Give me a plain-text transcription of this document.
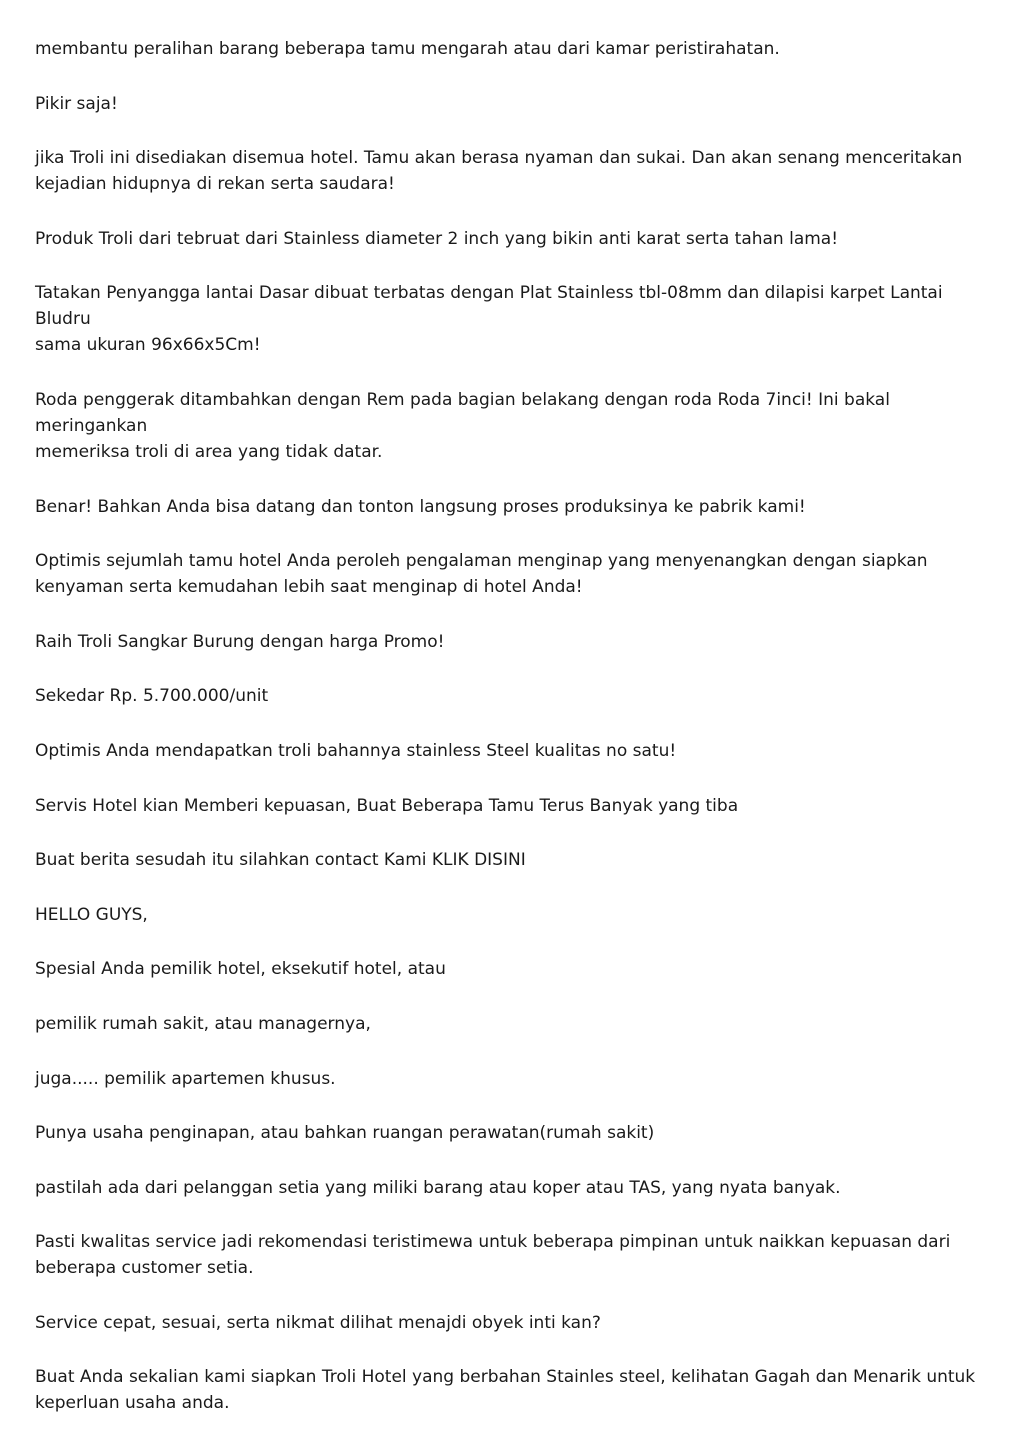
membantu peralihan barang beberapa tamu mengarah atau dari kamar peristirahatan.

Pikir saja!

jika Troli ini disediakan disemua hotel. Tamu akan berasa nyaman dan sukai. Dan akan senang menceritakan
kejadian hidupnya di rekan serta saudara!

Produk Troli dari tebruat dari Stainless diameter 2 inch yang bikin anti karat serta tahan lama!

Tatakan Penyangga lantai Dasar dibuat terbatas dengan Plat Stainless tbl-08mm dan dilapisi karpet Lantai Bludru
sama ukuran 96x66x5Cm!

Roda penggerak ditambahkan dengan Rem pada bagian belakang dengan roda Roda 7inci! Ini bakal meringankan
memeriksa troli di area yang tidak datar.

Benar! Bahkan Anda bisa datang dan tonton langsung proses produksinya ke pabrik kami!

Optimis sejumlah tamu hotel Anda peroleh pengalaman menginap yang menyenangkan dengan siapkan
kenyaman serta kemudahan lebih saat menginap di hotel Anda!

Raih Troli Sangkar Burung dengan harga Promo!

Sekedar Rp. 5.700.000/unit

Optimis Anda mendapatkan troli bahannya stainless Steel kualitas no satu!

Servis Hotel kian Memberi kepuasan, Buat Beberapa Tamu Terus Banyak yang tiba

Buat berita sesudah itu silahkan contact Kami KLIK DISINI

HELLO GUYS,

Spesial Anda pemilik hotel, eksekutif hotel, atau

pemilik rumah sakit, atau managernya,

juga..... pemilik apartemen khusus.

Punya usaha penginapan, atau bahkan ruangan perawatan(rumah sakit)

pastilah ada dari pelanggan setia yang miliki barang atau koper atau TAS, yang nyata banyak.

Pasti kwalitas service jadi rekomendasi teristimewa untuk beberapa pimpinan untuk naikkan kepuasan dari
beberapa customer setia.

Service cepat, sesuai, serta nikmat dilihat menajdi obyek inti kan?

Buat Anda sekalian kami siapkan Troli Hotel yang berbahan Stainles steel, kelihatan Gagah dan Menarik untuk
keperluan usaha anda.
